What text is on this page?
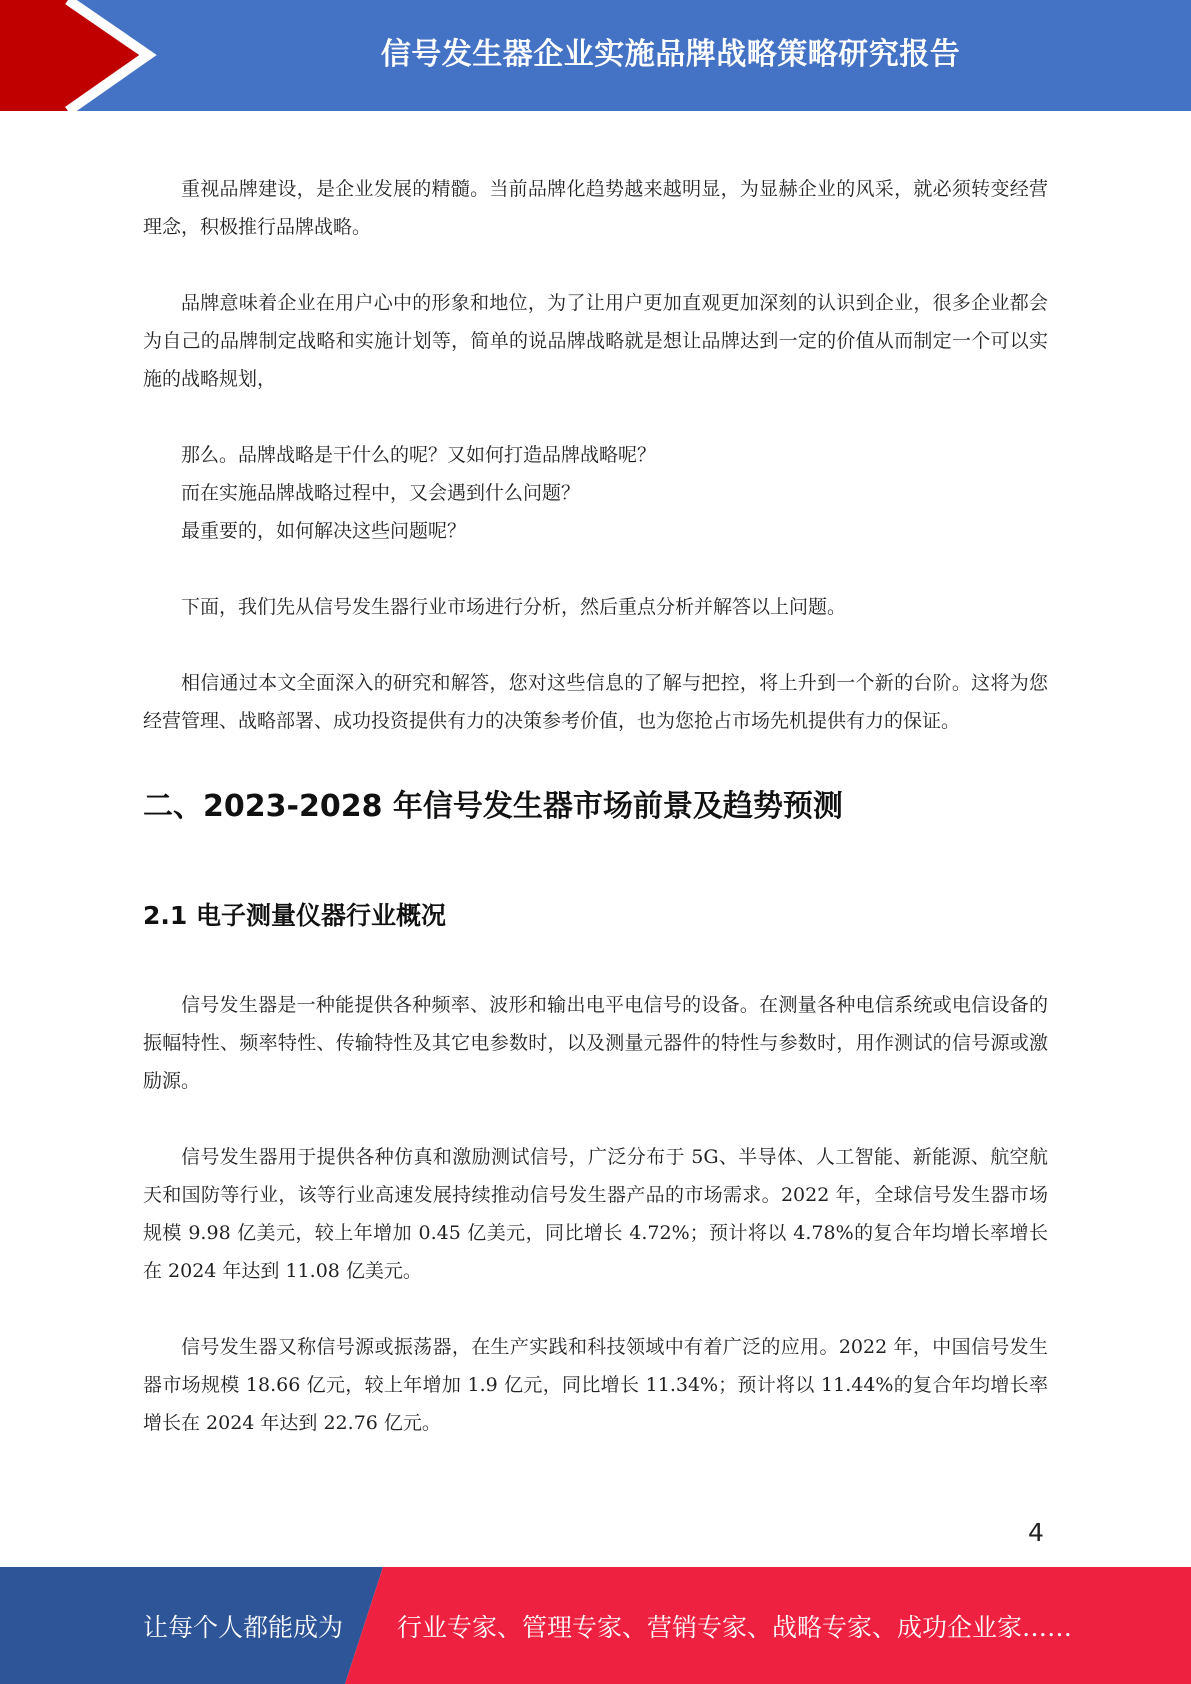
信号发生器企业实施品牌战略策略研究报告

重视品牌建设，是企业发展的精髓。当前品牌化趋势越来越明显，为显赫企业的风采，就必须转变经营理念，积极推行品牌战略。

品牌意味着企业在用户心中的形象和地位，为了让用户更加直观更加深刻的认识到企业，很多企业都会为自己的品牌制定战略和实施计划等，简单的说品牌战略就是想让品牌达到一定的价值从而制定一个可以实施的战略规划，

那么。品牌战略是干什么的呢？又如何打造品牌战略呢？

而在实施品牌战略过程中，又会遇到什么问题？

最重要的，如何解决这些问题呢？

下面，我们先从信号发生器行业市场进行分析，然后重点分析并解答以上问题。

相信通过本文全面深入的研究和解答，您对这些信息的了解与把控，将上升到一个新的台阶。这将为您经营管理、战略部署、成功投资提供有力的决策参考价值，也为您抢占市场先机提供有力的保证。

二、2023-2028 年信号发生器市场前景及趋势预测
2.1 电子测量仪器行业概况

信号发生器是一种能提供各种频率、波形和输出电平电信号的设备。在测量各种电信系统或电信设备的振幅特性、频率特性、传输特性及其它电参数时，以及测量元器件的特性与参数时，用作测试的信号源或激励源。

信号发生器用于提供各种仿真和激励测试信号，广泛分布于 5G、半导体、人工智能、新能源、航空航天和国防等行业，该等行业高速发展持续推动信号发生器产品的市场需求。2022 年，全球信号发生器市场规模 9.98 亿美元，较上年增加 0.45 亿美元，同比增长 4.72%；预计将以 4.78%的复合年均增长率增长在 2024 年达到 11.08 亿美元。

信号发生器又称信号源或振荡器，在生产实践和科技领域中有着广泛的应用。2022 年，中国信号发生器市场规模 18.66 亿元，较上年增加 1.9 亿元，同比增长 11.34%；预计将以 11.44%的复合年均增长率增长在 2024 年达到 22.76 亿元。

4
让每个人都能成为 行业专家、管理专家、营销专家、战略专家、成功企业家……
